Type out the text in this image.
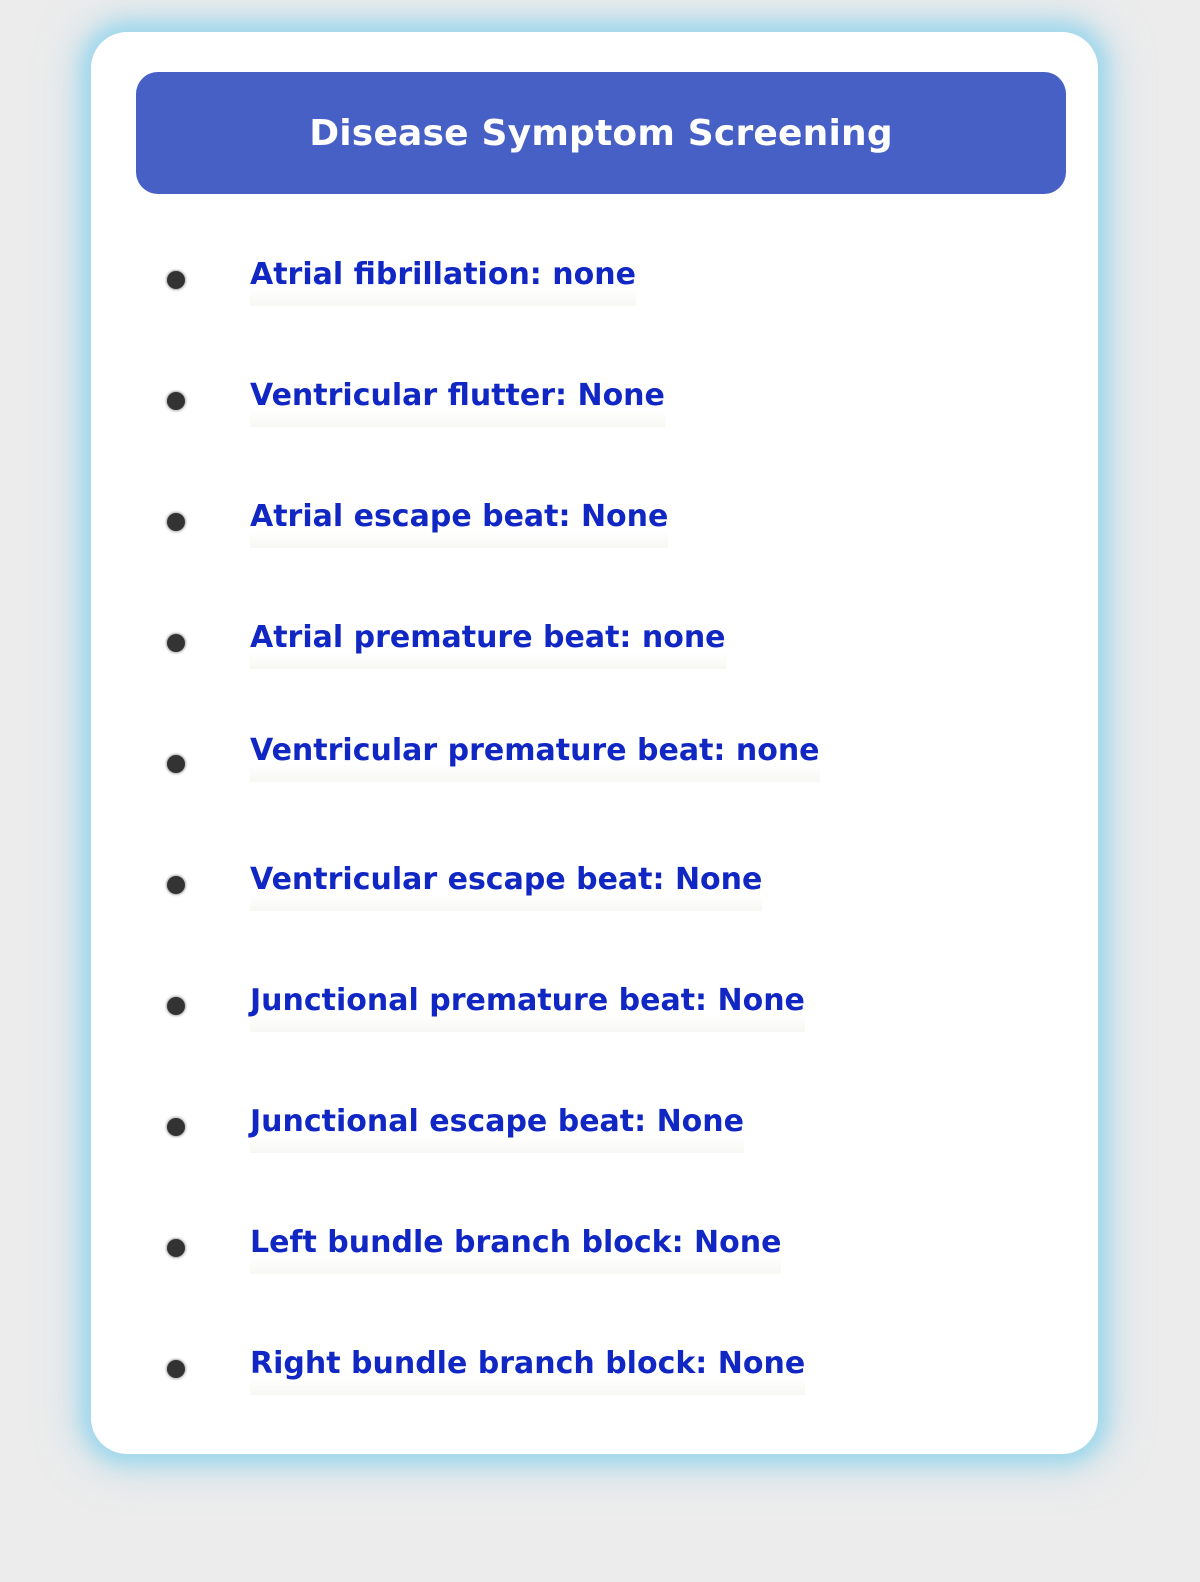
Disease Symptom Screening
Atrial fibrillation: none
Ventricular flutter: None
Atrial escape beat: None
Atrial premature beat: none
Ventricular premature beat: none
Ventricular escape beat: None
Junctional premature beat: None
Junctional escape beat: None
Left bundle branch block: None
Right bundle branch block: None
